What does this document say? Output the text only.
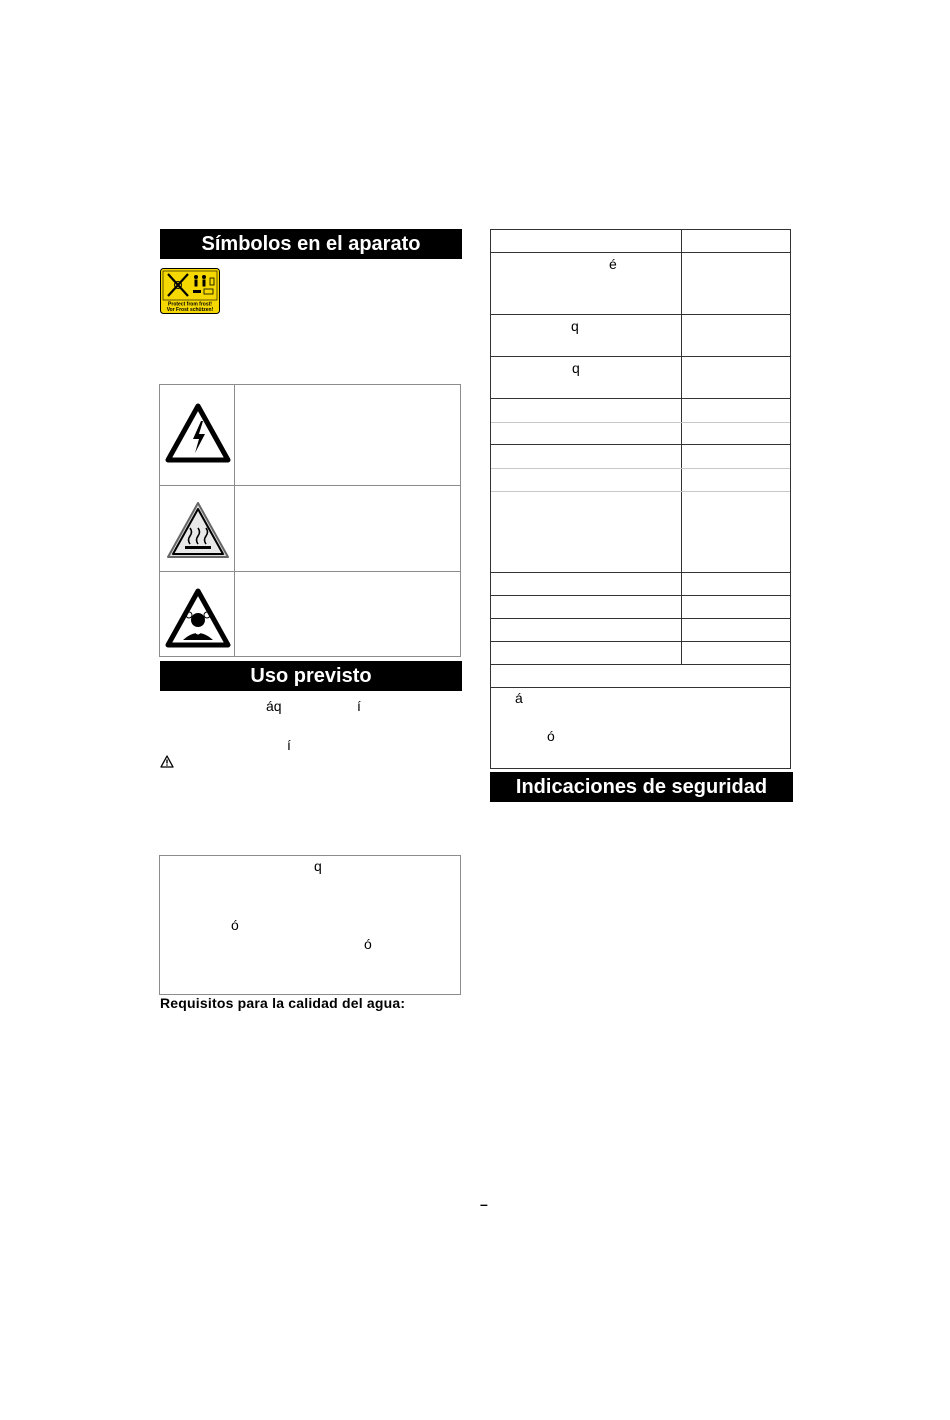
Símbolos en el aparato
Protect from frost!
Vor Frost schützen!
Uso previsto
áq	í
í
q
ó
ó
Requisitos para la calidad del agua:
é
q
q
á
ó
Indicaciones de seguridad
–
